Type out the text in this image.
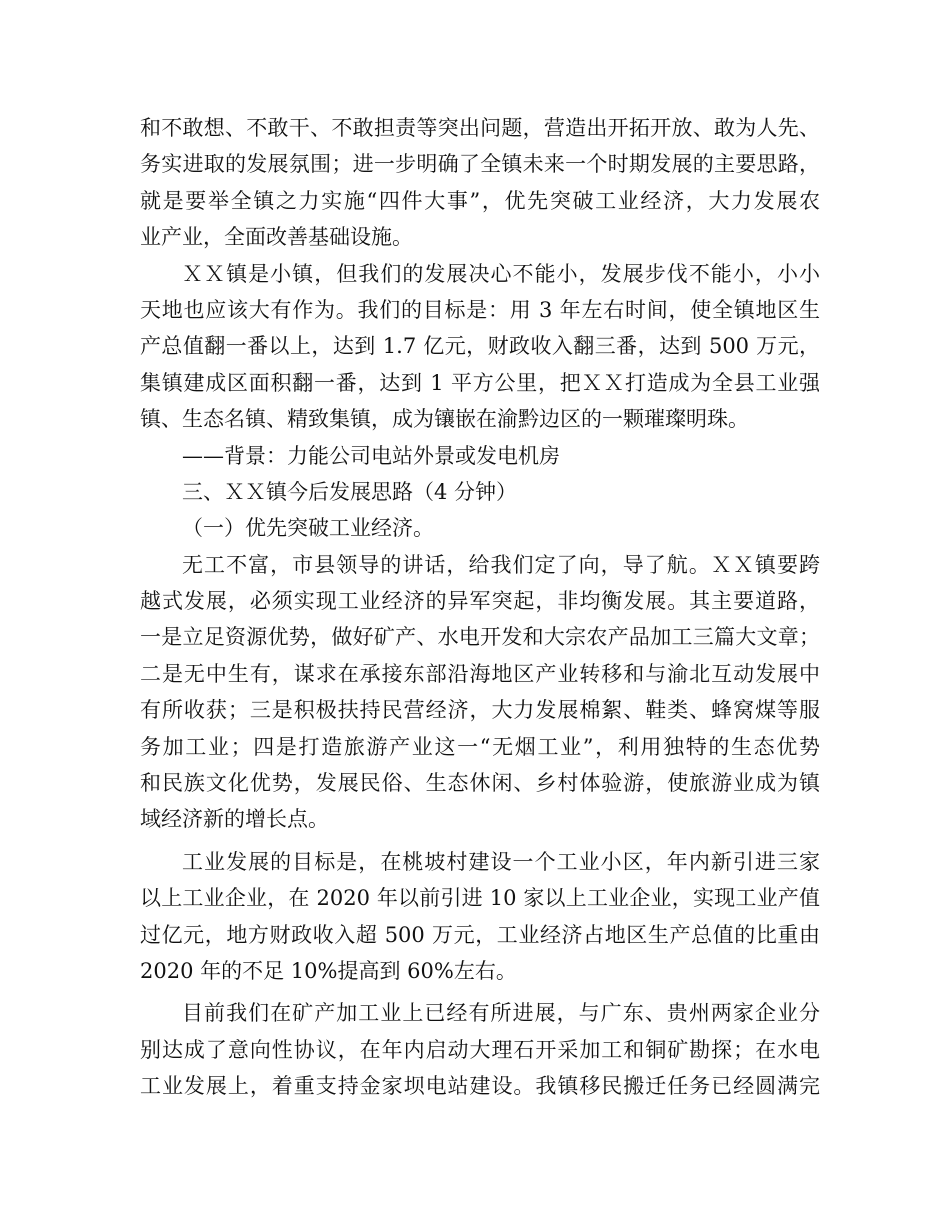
和不敢想、不敢干、不敢担责等突出问题，营造出开拓开放、敢为人先、
务实进取的发展氛围；进一步明确了全镇未来一个时期发展的主要思路，
就是要举全镇之力实施“四件大事”，优先突破工业经济，大力发展农
业产业，全面改善基础设施。
ＸＸ镇是小镇，但我们的发展决心不能小，发展步伐不能小，小小
天地也应该大有作为。我们的目标是：用 3 年左右时间，使全镇地区生
产总值翻一番以上，达到 1.7 亿元，财政收入翻三番，达到 500 万元，
集镇建成区面积翻一番，达到 1 平方公里，把ＸＸ打造成为全县工业强
镇、生态名镇、精致集镇，成为镶嵌在渝黔边区的一颗璀璨明珠。
——背景：力能公司电站外景或发电机房
三、ＸＸ镇今后发展思路（4 分钟）
（一）优先突破工业经济。
无工不富，市县领导的讲话，给我们定了向，导了航。ＸＸ镇要跨
越式发展，必须实现工业经济的异军突起，非均衡发展。其主要道路，
一是立足资源优势，做好矿产、水电开发和大宗农产品加工三篇大文章；
二是无中生有，谋求在承接东部沿海地区产业转移和与渝北互动发展中
有所收获；三是积极扶持民营经济，大力发展棉絮、鞋类、蜂窝煤等服
务加工业；四是打造旅游产业这一“无烟工业”，利用独特的生态优势
和民族文化优势，发展民俗、生态休闲、乡村体验游，使旅游业成为镇
域经济新的增长点。
工业发展的目标是，在桃坡村建设一个工业小区，年内新引进三家
以上工业企业，在 2020 年以前引进 10 家以上工业企业，实现工业产值
过亿元，地方财政收入超 500 万元，工业经济占地区生产总值的比重由
2020 年的不足 10%提高到 60%左右。
目前我们在矿产加工业上已经有所进展，与广东、贵州两家企业分
别达成了意向性协议，在年内启动大理石开采加工和铜矿勘探；在水电
工业发展上，着重支持金家坝电站建设。我镇移民搬迁任务已经圆满完
